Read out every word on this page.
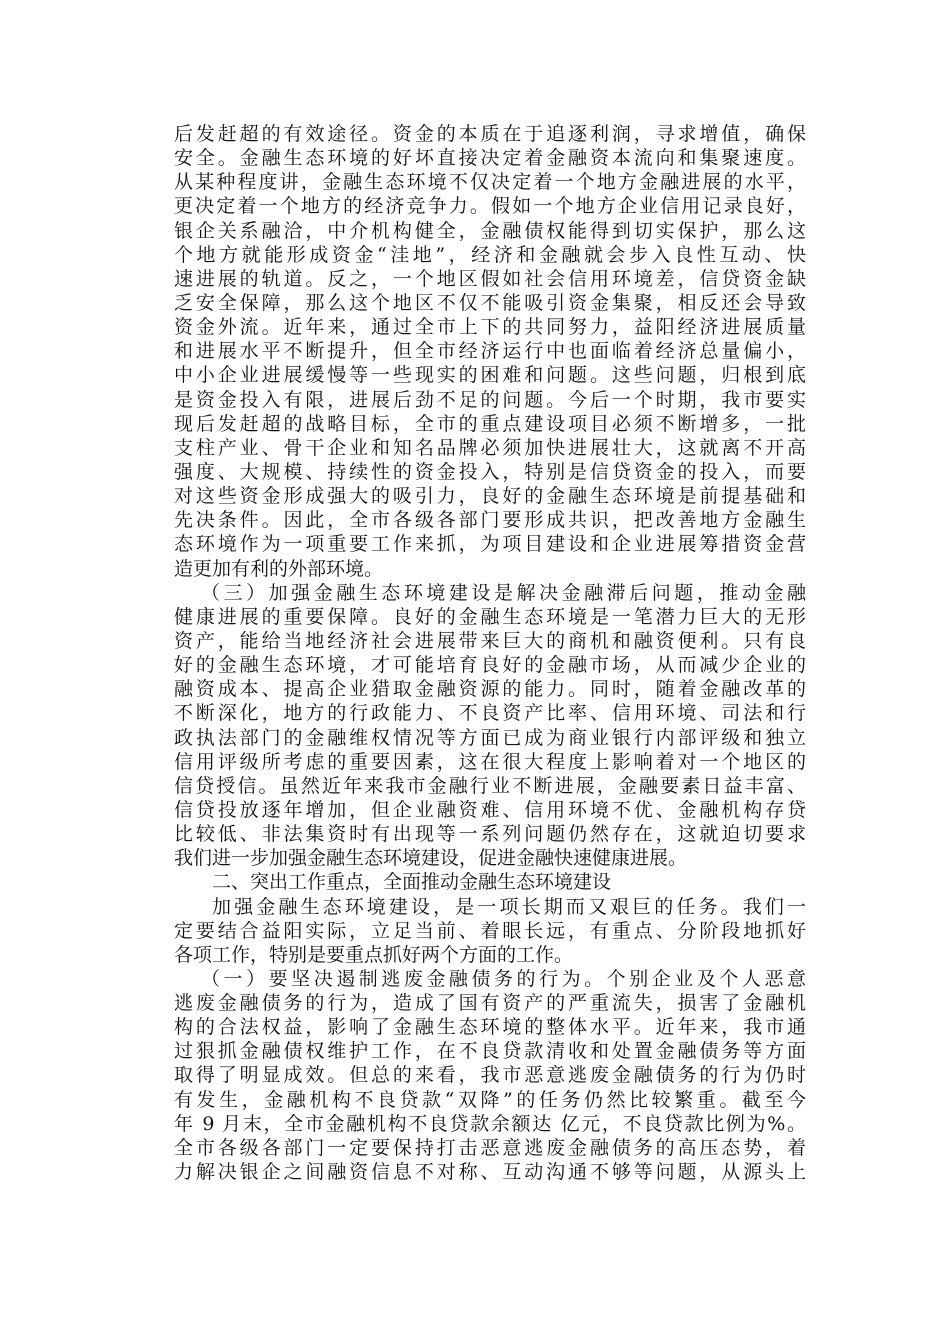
后发赶超的有效途径。资金的本质在于追逐利润，寻求增值，确保
安全。金融生态环境的好坏直接决定着金融资本流向和集聚速度。
从某种程度讲，金融生态环境不仅决定着一个地方金融进展的水平，
更决定着一个地方的经济竞争力。假如一个地方企业信用记录良好，
银企关系融洽，中介机构健全，金融债权能得到切实保护，那么这
个地方就能形成资金“洼地”，经济和金融就会步入良性互动、快
速进展的轨道。反之，一个地区假如社会信用环境差，信贷资金缺
乏安全保障，那么这个地区不仅不能吸引资金集聚，相反还会导致
资金外流。近年来，通过全市上下的共同努力，益阳经济进展质量
和进展水平不断提升，但全市经济运行中也面临着经济总量偏小，
中小企业进展缓慢等一些现实的困难和问题。这些问题，归根到底
是资金投入有限，进展后劲不足的问题。今后一个时期，我市要实
现后发赶超的战略目标，全市的重点建设项目必须不断增多，一批
支柱产业、骨干企业和知名品牌必须加快进展壮大，这就离不开高
强度、大规模、持续性的资金投入，特别是信贷资金的投入，而要
对这些资金形成强大的吸引力，良好的金融生态环境是前提基础和
先决条件。因此，全市各级各部门要形成共识，把改善地方金融生
态环境作为一项重要工作来抓，为项目建设和企业进展筹措资金营
造更加有利的外部环境。
（三）加强金融生态环境建设是解决金融滞后问题，推动金融
健康进展的重要保障。良好的金融生态环境是一笔潜力巨大的无形
资产，能给当地经济社会进展带来巨大的商机和融资便利。只有良
好的金融生态环境，才可能培育良好的金融市场，从而减少企业的
融资成本、提高企业猎取金融资源的能力。同时，随着金融改革的
不断深化，地方的行政能力、不良资产比率、信用环境、司法和行
政执法部门的金融维权情况等方面已成为商业银行内部评级和独立
信用评级所考虑的重要因素，这在很大程度上影响着对一个地区的
信贷授信。虽然近年来我市金融行业不断进展，金融要素日益丰富、
信贷投放逐年增加，但企业融资难、信用环境不优、金融机构存贷
比较低、非法集资时有出现等一系列问题仍然存在，这就迫切要求
我们进一步加强金融生态环境建设，促进金融快速健康进展。
二、突出工作重点，全面推动金融生态环境建设
加强金融生态环境建设，是一项长期而又艰巨的任务。我们一
定要结合益阳实际，立足当前、着眼长远，有重点、分阶段地抓好
各项工作，特别是要重点抓好两个方面的工作。
（一）要坚决遏制逃废金融债务的行为。个别企业及个人恶意
逃废金融债务的行为，造成了国有资产的严重流失，损害了金融机
构的合法权益，影响了金融生态环境的整体水平。近年来，我市通
过狠抓金融债权维护工作，在不良贷款清收和处置金融债务等方面
取得了明显成效。但总的来看，我市恶意逃废金融债务的行为仍时
有发生，金融机构不良贷款“双降”的任务仍然比较繁重。截至今
年 9 月末，全市金融机构不良贷款余额达 亿元，不良贷款比例为%。
全市各级各部门一定要保持打击恶意逃废金融债务的高压态势，着
力解决银企之间融资信息不对称、互动沟通不够等问题，从源头上
